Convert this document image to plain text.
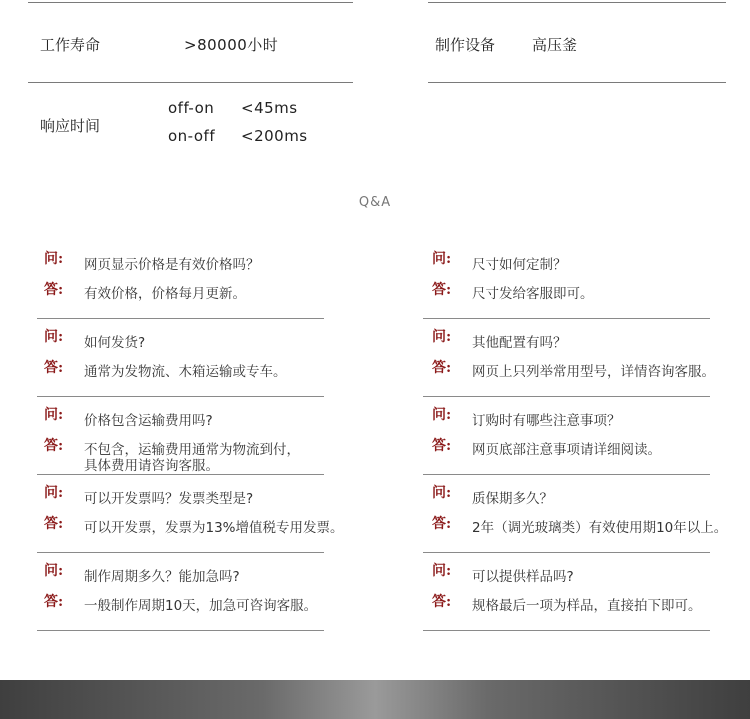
工作寿命	>80000小时	制作设备 高压釜
响应时间
off-on <45ms
on-off <200ms
Q&A
问:	网页显示价格是有效价格吗？
答:	有效价格，价格每月更新。
问:	如何发货?
答:	通常为发物流、木箱运输或专车。
问:	价格包含运输费用吗?
答:	不包含，运输费用通常为物流到付，
具体费用请咨询客服。
问:	可以开发票吗？发票类型是?
答:	可以开发票，发票为13%增值税专用发票。
问:	制作周期多久？能加急吗?
答:	一般制作周期10天，加急可咨询客服。
问:	尺寸如何定制？
答:	尺寸发给客服即可。
问:	其他配置有吗？
答:	网页上只列举常用型号，详情咨询客服。
问:	订购时有哪些注意事项？
答:	网页底部注意事项请详细阅读。
问:	质保期多久？
答:	2年（调光玻璃类）有效使用期10年以上。
问:	可以提供样品吗?
答:	规格最后一项为样品，直接拍下即可。
